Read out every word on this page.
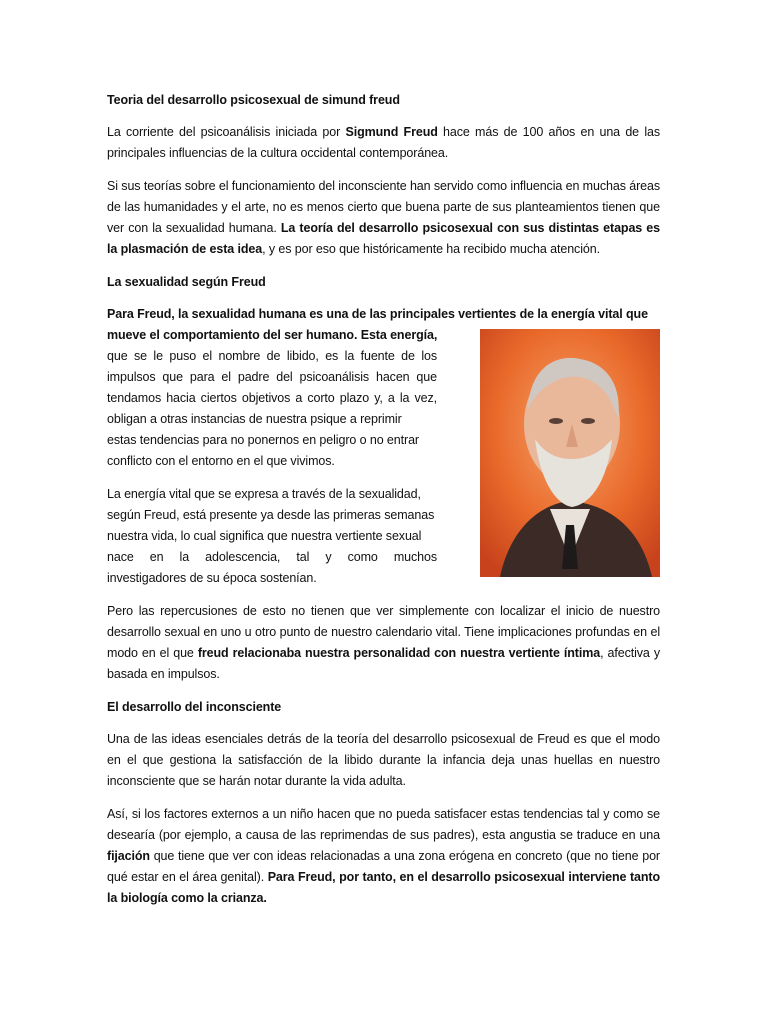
Teoria del desarrollo psicosexual de simund freud

La corriente del psicoanálisis iniciada por Sigmund Freud hace más de 100 años en una de las principales influencias de la cultura occidental contemporánea.

Si sus teorías sobre el funcionamiento del inconsciente han servido como influencia en muchas áreas de las humanidades y el arte, no es menos cierto que buena parte de sus planteamientos tienen que ver con la sexualidad humana. La teoría del desarrollo psicosexual con sus distintas etapas es la plasmación de esta idea, y es por eso que históricamente ha recibido mucha atención.

La sexualidad según Freud
Para Freud, la sexualidad humana es una de las principales vertientes de la energía vital que
mueve el comportamiento del ser humano. Esta energía,

que se le puso el nombre de libido, es la fuente de los impulsos que para el padre del psicoanálisis hacen que tendamos hacia ciertos objetivos a corto plazo y, a la vez, obligan a otras instancias de nuestra psique a reprimir

estas tendencias para no ponernos en peligro o no entrar
conflicto con el entorno en el que vivimos.
La energía vital que se expresa a través de la sexualidad,
según Freud, está presente ya desde las primeras semanas
nuestra vida, lo cual significa que nuestra vertiente sexual
nace en la adolescencia, tal y como muchos
investigadores de su época sostenían.

Pero las repercusiones de esto no tienen que ver simplemente con localizar el inicio de nuestro desarrollo sexual en uno u otro punto de nuestro calendario vital. Tiene implicaciones profundas en el modo en el que freud relacionaba nuestra personalidad con nuestra vertiente íntima, afectiva y basada en impulsos.

El desarrollo del inconsciente

Una de las ideas esenciales detrás de la teoría del desarrollo psicosexual de Freud es que el modo en el que gestiona la satisfacción de la libido durante la infancia deja unas huellas en nuestro inconsciente que se harán notar durante la vida adulta.

Así, si los factores externos a un niño hacen que no pueda satisfacer estas tendencias tal y como se desearía (por ejemplo, a causa de las reprimendas de sus padres), esta angustia se traduce en una fijación que tiene que ver con ideas relacionadas a una zona erógena en concreto (que no tiene por qué estar en el área genital). Para Freud, por tanto, en el desarrollo psicosexual interviene tanto la biología como la crianza.
